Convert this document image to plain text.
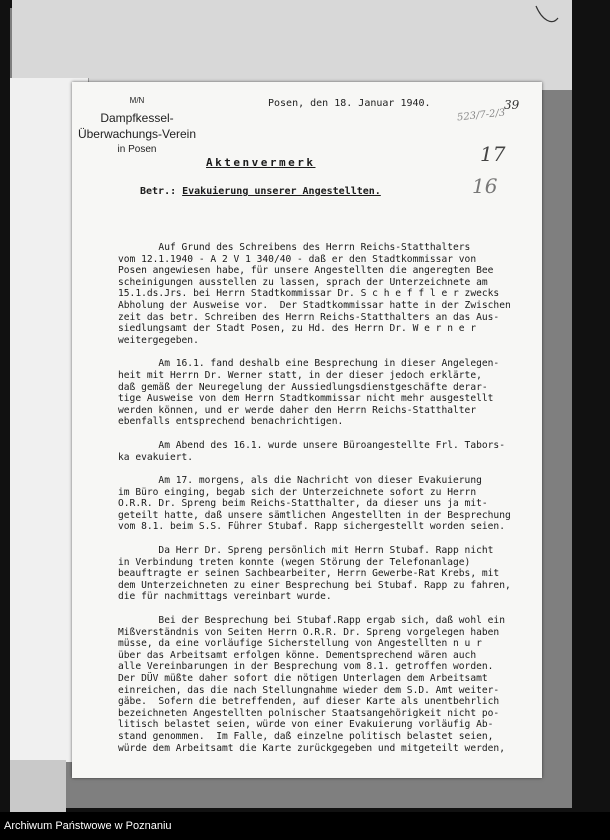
M/N
Dampfkessel-
Überwachungs-Verein
in Posen
Posen, den 18. Januar 1940.
523/7-2/3
39
17
16
Aktenvermerk
Betr.: Evakuierung unserer Angestellten.
Auf Grund des Schreibens des Herrn Reichs-Statthalters
vom 12.1.1940 - A 2 V 1 340/40 - daß er den Stadtkommissar von
Posen angewiesen habe, für unsere Angestellten die angeregten Bee
scheinigungen ausstellen zu lassen, sprach der Unterzeichnete am
15.1.ds.Jrs. bei Herrn Stadtkommissar Dr. S c h e f f l e r zwecks
Abholung der Ausweise vor.  Der Stadtkommissar hatte in der Zwischen
zeit das betr. Schreiben des Herrn Reichs-Statthalters an das Aus-
siedlungsamt der Stadt Posen, zu Hd. des Herrn Dr. W e r n e r
weitergegeben.
Am 16.1. fand deshalb eine Besprechung in dieser Angelegen-
heit mit Herrn Dr. Werner statt, in der dieser jedoch erklärte,
daß gemäß der Neuregelung der Aussiedlungsdienstgeschäfte derar-
tige Ausweise von dem Herrn Stadtkommissar nicht mehr ausgestellt
werden können, und er werde daher den Herrn Reichs-Statthalter
ebenfalls entsprechend benachrichtigen.
Am Abend des 16.1. wurde unsere Büroangestellte Frl. Tabors-
ka evakuiert.
Am 17. morgens, als die Nachricht von dieser Evakuierung
im Büro einging, begab sich der Unterzeichnete sofort zu Herrn
O.R.R. Dr. Spreng beim Reichs-Statthalter, da dieser uns ja mit-
geteilt hatte, daß unsere sämtlichen Angestellten in der Besprechung
vom 8.1. beim S.S. Führer Stubaf. Rapp sichergestellt worden seien.
Da Herr Dr. Spreng persönlich mit Herrn Stubaf. Rapp nicht
in Verbindung treten konnte (wegen Störung der Telefonanlage)
beauftragte er seinen Sachbearbeiter, Herrn Gewerbe-Rat Krebs, mit
dem Unterzeichneten zu einer Besprechung bei Stubaf. Rapp zu fahren,
die für nachmittags vereinbart wurde.
Bei der Besprechung bei Stubaf.Rapp ergab sich, daß wohl ein
Mißverständnis von Seiten Herrn O.R.R. Dr. Spreng vorgelegen haben
müsse, da eine vorläufige Sicherstellung von Angestellten n u r
über das Arbeitsamt erfolgen könne. Dementsprechend wären auch
alle Vereinbarungen in der Besprechung vom 8.1. getroffen worden.
Der DÜV müßte daher sofort die nötigen Unterlagen dem Arbeitsamt
einreichen, das die nach Stellungnahme wieder dem S.D. Amt weiter-
gäbe.  Sofern die betreffenden, auf dieser Karte als unentbehrlich
bezeichneten Angestellten polnischer Staatsangehörigkeit nicht po-
litisch belastet seien, würde von einer Evakuierung vorläufig Ab-
stand genommen.  Im Falle, daß einzelne politisch belastet seien,
würde dem Arbeitsamt die Karte zurückgegeben und mitgeteilt werden,
Archiwum Państwowe w Poznaniu
